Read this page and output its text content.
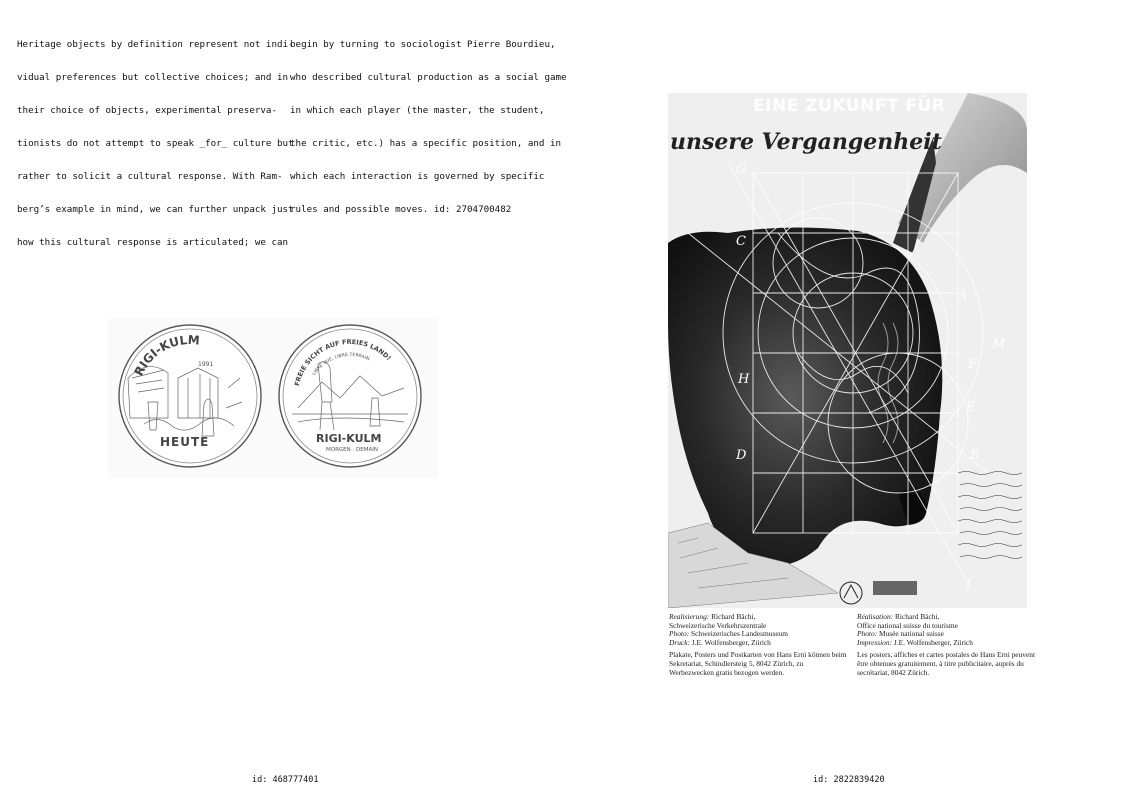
Heritage objects by definition represent not indi-

vidual preferences but collective choices; and in

their choice of objects, experimental preserva-

tionists do not attempt to speak _for_ culture but

rather to solicit a cultural response. With Ram-

berg’s example in mind, we can further unpack just

how this cultural response is articulated; we can

begin by turning to sociologist Pierre Bourdieu,

who described cultural production as a social game

in which each player (the master, the student,

the critic, etc.) has a specific position, and in

which each interaction is governed by specific

rules and possible moves. id: 2704700482

RIGI-KULM
1991
HEUTE
FREIE SICHT AUF FREIES LAND!
LIBRE VUE, LIBRE TERRAIN
RIGI-KULM
MORGEN · DEMAIN
G
C
H
D
A
F
E
B
I
M
EINE ZUKUNFT FÜR
unsere Vergangenheit
Realisierung: Richard Bächi,
Schweizerische Verkehrszentrale
Photo: Schweizerisches Landesmuseum
Druck: J.E. Wolfensberger, Zürich
Plakate, Posters und Postkarten von Hans Erni können beim Sekretariat, Schindlersteig 5, 8042 Zürich, zu Werbezwecken gratis bezogen werden.
Réalisation: Richard Bächi,
Office national suisse du tourisme
Photo: Musée national suisse
Impression: J.E. Wolfensberger, Zürich
Les posters, affiches et cartes postales de Hans Erni peuvent être obtenues gratuitement, à titre publicitaire, auprès du secrétariat, 8042 Zürich.
id: 468777401	id: 2822839420
